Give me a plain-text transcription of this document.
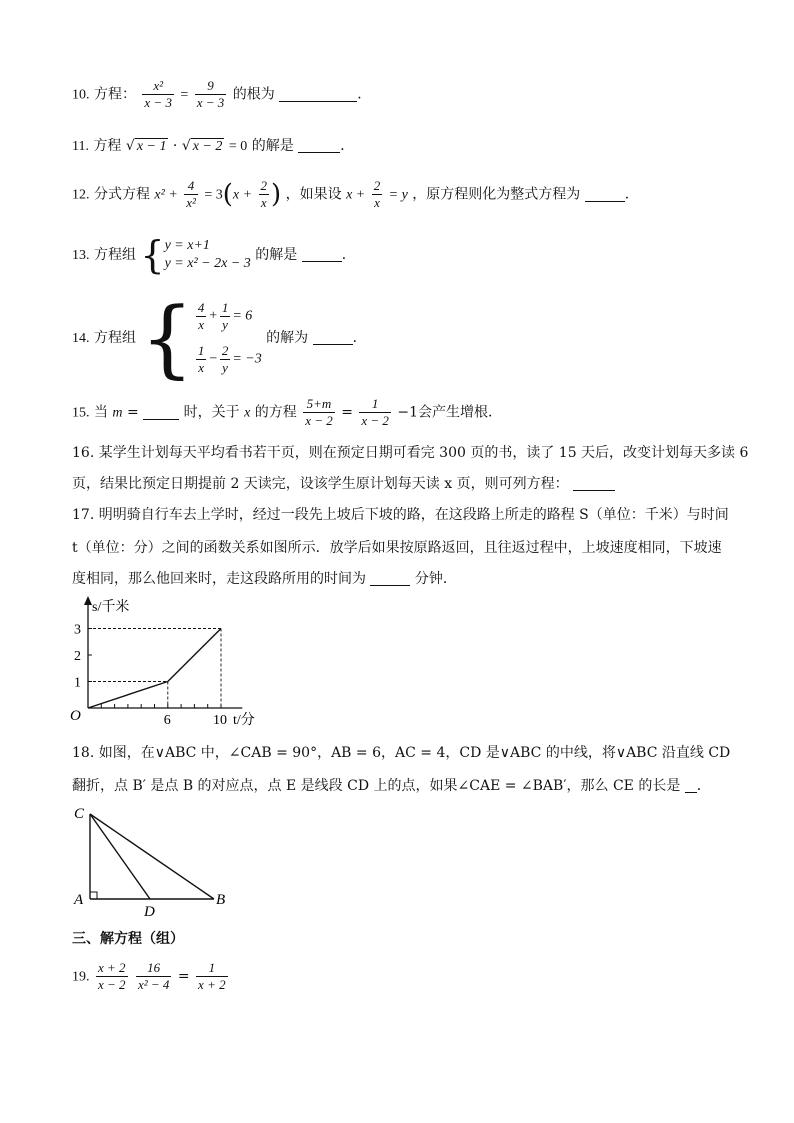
10. 方程： $\frac{\text{x²}}{x - 3} = \frac{9}{x - 3}$ 的根为	．
11. 方程 √ x − 1 · √ x − 2 = 0 的解是	．
12. 分式方程 $x^2 + \frac{4}{\text{x²}} = 3(x + \frac{2}{x}$ ) ，如果设 $x + \frac{2}{x} = y$ ，原方程则化为整式方程为	．
13. 方程组 { y = x+1
y = x² − 2x − 3
的解是	．
14. 方程组 { $\frac{4}{x} + \frac{1}{y} = 6$
$\frac{1}{x} - \frac{2}{y} = -3$
的解为	．
15. 当 m =	时，关于 x 的方程 $\frac{5+m}{x - 2} = \frac{1}{x - 2} -1$会产生增根．
16. 某学生计划每天平均看书若干页，则在预定日期可看完 300 页的书，读了 15 天后，改变计划每天多读 6
页，结果比预定日期提前 2 天读完，设该学生原计划每天读 x 页，则可列方程：
17. 明明骑自行车去上学时，经过一段先上坡后下坡的路，在这段路上所走的路程 S（单位：千米）与时间
t（单位：分）之间的函数关系如图所示．放学后如果按原路返回，且往返过程中，上坡速度相同，下坡速
度相同，那么他回来时，走这段路所用的时间为	分钟．
1
2
3
6	10
O
s/千米
t/分
18. 如图，在∨ABC 中，∠CAB = 90°，AB = 6，AC = 4，CD 是∨ABC 的中线，将∨ABC 沿直线 CD
翻折，点 B′ 是点 B 的对应点，点 E 是线段 CD 上的点，如果∠CAE = ∠BAB′，那么 CE 的长是 ．
C
A
D
B
三、解方程（组）
19. $\frac{x + 2}{x - 2}$
$\frac{16}{\text{x² − 4}} = \frac{1}{x + 2}$
